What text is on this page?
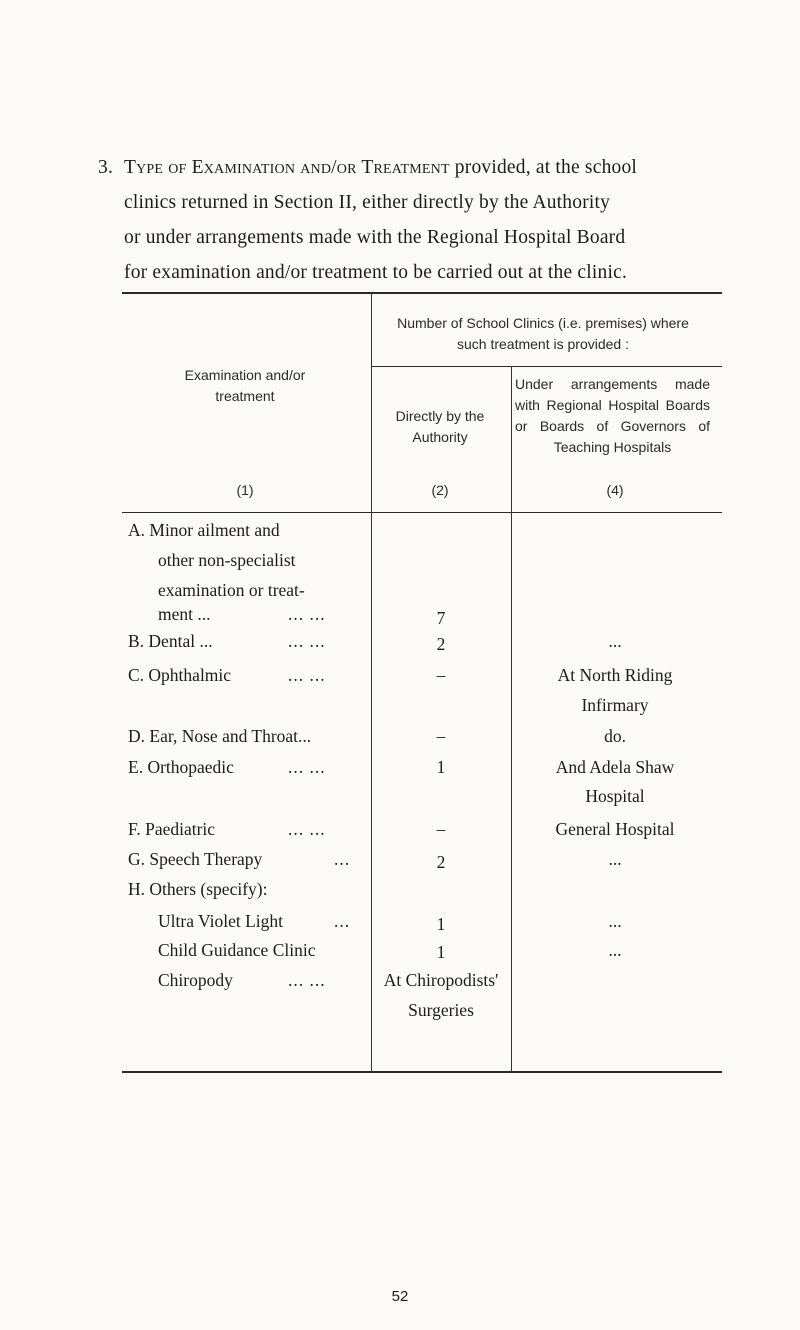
3. Type of Examination and/or Treatment provided, at the school
clinics returned in Section II, either directly by the Authority
or under arrangements made with the Regional Hospital Board
for examination and/or treatment to be carried out at the clinic.
Examination and/or treatment
(1)
Number of School Clinics (i.e. premises) where such treatment is provided :
Directly by the Authority
(2)
Under arrangements made with Regional Hospital Boards or Boards of Governors of Teaching Hospitals
(4)
A. Minor ailment and
other non-specialist
examination or treat-
ment ...	... ...	7
B. Dental ...	... ...	2	...
C. Ophthalmic	... ...	–	At North Riding
Infirmary
D. Ear, Nose and Throat...	–	do.
E. Orthopaedic	... ...	1	And Adela Shaw
Hospital
F. Paediatric	... ...	–	General Hospital
G. Speech Therapy	...	2	...
H. Others (specify):
Ultra Violet Light	...	1	...
Child Guidance Clinic	1	...
Chiropody	... ...	At Chiropodists'
Surgeries
52
